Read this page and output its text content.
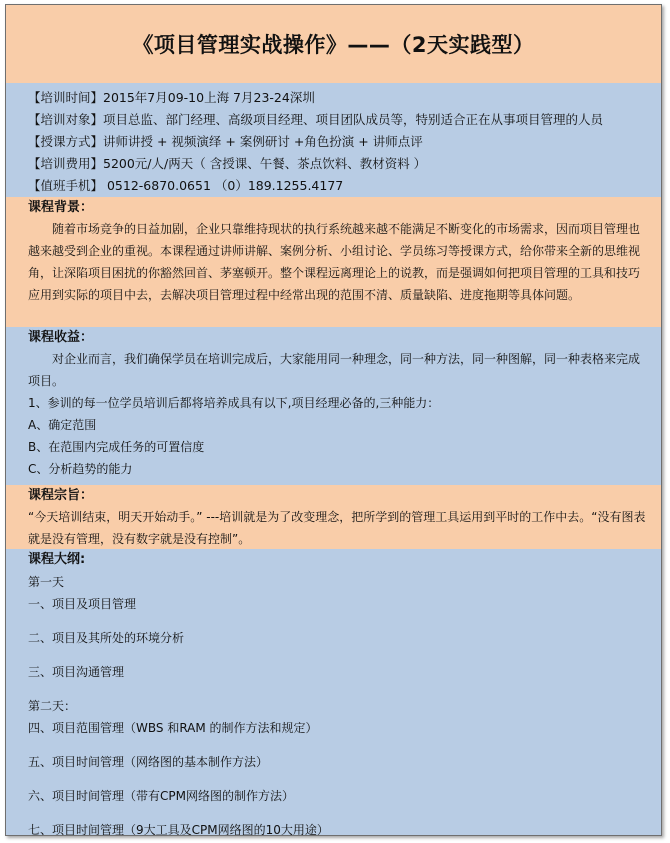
《项目管理实战操作》——（2天实践型）
【培训时间】2015年7月09-10上海 7月23-24深圳
【培训对象】项目总监、部门经理、高级项目经理、项目团队成员等，特别适合正在从事项目管理的人员
【授课方式】讲师讲授 + 视频演绎 + 案例研讨 +角色扮演 + 讲师点评
【培训费用】5200元/人/两天（ 含授课、午餐、茶点饮料、教材资料 ）
【值班手机】 0512-6870.0651 （0）189.1255.4177
课程背景：
随着市场竞争的日益加剧，企业只靠维持现状的执行系统越来越不能满足不断变化的市场需求，因而项目管理也越来越受到企业的重视。本课程通过讲师讲解、案例分析、小组讨论、学员练习等授课方式，给你带来全新的思维视角，让深陷项目困扰的你豁然回首、茅塞顿开。整个课程远离理论上的说教，而是强调如何把项目管理的工具和技巧应用到实际的项目中去，去解决项目管理过程中经常出现的范围不清、质量缺陷、进度拖期等具体问题。
课程收益：
对企业而言，我们确保学员在培训完成后，大家能用同一种理念，同一种方法，同一种图解，同一种表格来完成项目。
1、参训的每一位学员培训后都将培养成具有以下,项目经理必备的,三种能力：
A、确定范围
B、在范围内完成任务的可置信度
C、分析趋势的能力
课程宗旨：
“今天培训结束，明天开始动手。” ---培训就是为了改变理念，把所学到的管理工具运用到平时的工作中去。“没有图表就是没有管理，没有数字就是没有控制”。
课程大纲:
第一天
一、项目及项目管理
二、项目及其所处的环境分析
三、项目沟通管理
第二天：
四、项目范围管理（WBS 和RAM 的制作方法和规定）
五、项目时间管理（网络图的基本制作方法）
六、项目时间管理（带有CPM网络图的制作方法）
七、项目时间管理（9大工具及CPM网络图的10大用途）
